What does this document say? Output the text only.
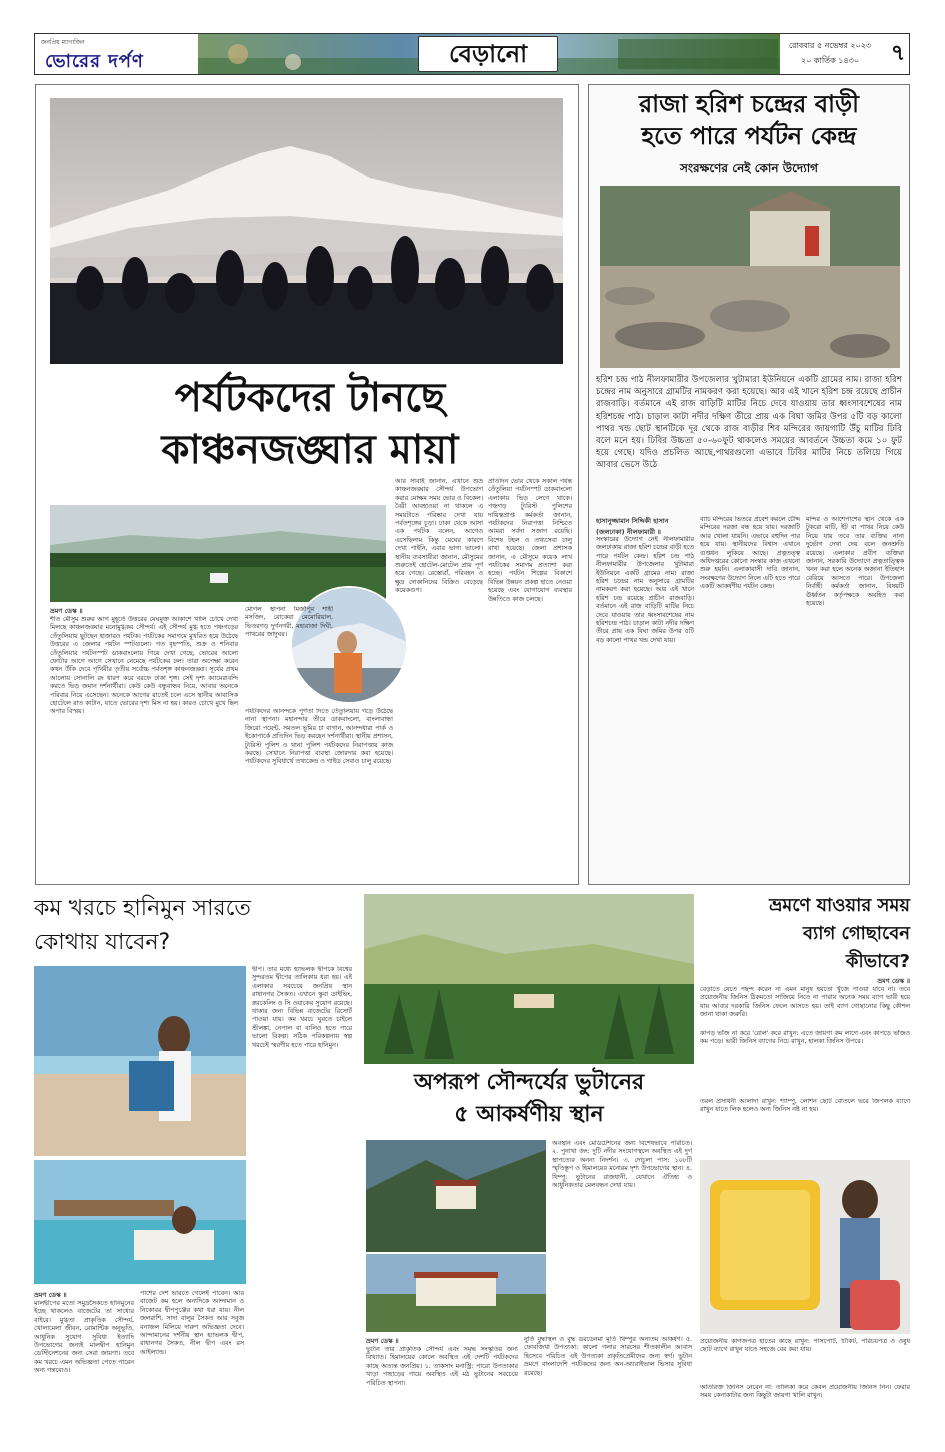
জনপ্রিয় ম্যাগাজিন
ভোরের দর্পণ	বেড়ানো	রোববার ৫ নভেম্বর ২০২৩
২০ কার্তিক ১৪৩০	৭
পর্যটকদের টানছে
কাঞ্চনজঙ্ঘার মায়া
ভ্রমণ ডেস্ক ॥
শীত মৌসুম শুরুর আগ মুহূর্তে উত্তরের মেঘমুক্ত আকাশে খালি চোখে দেখা মিলছে কাঞ্চনজঙ্ঘার মনোমুগ্ধকর সৌন্দর্য। এই সৌন্দর্য মুগ্ধ হতে পঞ্চগড়ের তেঁতুলিয়ায় ছুটছেন হাজারও পর্যটক। পর্যটকের সমাগমে মুখরিত হয়ে উঠেছে উত্তরের এ জেলার পর্যটন স্পটগুলো। গত বৃহস্পতি, শুক্র ও শনিবার তেঁতুলিয়ার পর্যটনস্পট ডাকবাংলোয় গিয়ে দেখা গেছে, ভোরের আলো ফোটার আগে আগে সেখানে নেমেছে পর্যটকের ঢল। তারা অপেক্ষা করেন কখন উঁকি দেবে পৃথিবীর তৃতীয় সর্বোচ্চ পর্বতশৃঙ্গ কাঞ্চনজঙ্ঘা। সূর্যের প্রথম আলোয় সোনালি রং ধারণ করে বরফে ঢাকা শৃঙ্গ। সেই দৃশ্য ক্যামেরাবন্দি করতে ভিড় জমান দর্শনার্থীরা। কেউ কেউ বন্ধুবান্ধব নিয়ে, আবার অনেকে পরিবার নিয়ে এসেছেন। অনেকে আগের রাতেই চলে এসে স্থানীয় আবাসিক হোটেলে রাত কাটান, যাতে ভোরের দৃশ্য মিস না হয়। কারও চোখে মুখে ছিল অপার বিস্ময়।
মোগল স্থাপনা মির্জাপুর শাহী মসজিদ, রোকেয়া মেমোরিয়াল, ভিতরগড় দুর্গনগরী, মহারাজা দিঘী, পাথরের জাদুঘর।
পর্যটকদের আনন্দকে পূর্ণতা দিতে তেঁতুলিয়ায় গড়ে উঠেছে নানা স্থাপনা। মহানন্দার তীরে ডাকবাংলো, বাংলাবান্ধা জিরো পয়েন্ট, সমতল ভূমির চা বাগান, আনন্দধারা পার্ক ও ইকোপার্কে প্রতিদিন ভিড় করছেন দর্শনার্থীরা। স্থানীয় প্রশাসন, ট্যুরিস্ট পুলিশ ও থানা পুলিশ পর্যটকদের নিরাপত্তায় কাজ করছে। সেখানে নিরাপত্তা ব্যবস্থা জোরদার করা হয়েছে। পর্যটকদের সুবিধার্থে তথ্যকেন্দ্র ও গাইড সেবাও চালু রয়েছে।
আর সাবাই জানান, এখানে শুভ্র কাঞ্চনজঙ্ঘার সৌন্দর্য উপভোগ করার মোক্ষম সময় ভোর ও বিকেল। বৈরী আবহাওয়া না থাকলে এ সময়টাতে পরিষ্কার দেখা যায় পর্বতশৃঙ্গের চূড়া। ঢাকা থেকে আসা এক পর্যটক বলেন, আগেও এসেছিলাম কিন্তু মেঘের কারণে দেখা পাইনি, এবার ভাগ্য ভালো। স্থানীয় ব্যবসায়ীরা জানান, মৌসুমের শুরুতেই হোটেল-মোটেল প্রায় পূর্ণ হয়ে গেছে। রেস্তোরাঁ, পরিবহন ও ক্ষুদ্র দোকানিদের বিক্রিও বেড়েছে কয়েকগুণ।
প্রতিদিন ভোর থেকে সকাল পর্যন্ত তেঁতুলিয়া পর্যটনস্পট ডাকবাংলো এলাকায় ভিড় লেগে থাকে। পঞ্চগড় ট্যুরিস্ট পুলিশের দায়িত্বপ্রাপ্ত কর্মকর্তা জানান, পর্যটকদের নিরাপত্তা নিশ্চিতে আমরা সর্বদা সজাগ রয়েছি। বিশেষ টহল ও তথ্যসেবা চালু রাখা হয়েছে। জেলা প্রশাসক জানান, এ মৌসুমে কয়েক লাখ পর্যটকের সমাগম প্রত্যাশা করা হচ্ছে। পর্যটন শিল্পের বিকাশে বিভিন্ন উন্নয়ন প্রকল্প হাতে নেওয়া হয়েছে এবং যোগাযোগ ব্যবস্থার উন্নতিতে কাজ চলছে।
রাজা হরিশ চন্দ্রের বাড়ী
হতে পারে পর্যটন কেন্দ্র
সংরক্ষণের নেই কোন উদ্যোগ
হরিশ চন্দ্র পাঠ নীলফামারীর উপজেলার খুটামারা ইউনিয়নে একটি গ্রামের নাম। রাজা হরিশ চন্দ্রের নাম অনুসারে গ্রামটির নামকরণ করা হয়েছে। আর এই খানে হরিশ চন্দ্র রয়েছে প্রাচীন রাজবাড়ি। বর্তমানে এই রাজ বাড়িটি মাটির নিচে দেবে যাওয়ায় তার ধ্বংসাবশেষের নাম হরিশচন্দ্র পাঠ। চাড়াল কাটা নদীর দক্ষিণ তীরে প্রায় এক বিঘা জমির উপর ৫টি বড় কালো পাথর খন্ড ছোট স্থানটিকে দূর থেকে রাজ বাড়ীর শিব মন্দিরের জায়গাটি উঁচু মাটির ঢিবি বলে মনে হয়। ঢিবির উচ্চতা ৫০-৬০ফুট থাকলেও সময়ের আবর্তনে উচ্চতা কমে ১০ ফুট হয়ে গেছে। যদিও প্রচলিত আছে,পাথরগুলো এভাবে ঢিবির মাটির নিচে তলিয়ে গিয়ে আবার ভেসে উঠে
হাসানুজ্জামান সিদ্দিকী হাসান (জলঢাকা) নীলফামারী ॥
সংস্কারের উদ্যোগ নেই নীলফামারীর জলঢাকায় রাজা হরিশ চন্দ্রের বাড়ী হতে পারে পর্যটন কেন্দ্র। হরিশ চন্দ্র পাঠ নীলফামারীর উপজেলার খুটামারা ইউনিয়নে একটি গ্রামের নাম। রাজা হরিশ চন্দ্রের নাম অনুসারে গ্রামটির নামকরণ করা হয়েছে। আর এই খানে হরিশ চন্দ্র রয়েছে প্রাচীন রাজবাড়ি। বর্তমানে এই রাজ বাড়িটি মাটির নিচে দেবে যাওয়ায় তার ধ্বংসাবশেষের নাম হরিশচন্দ্র পাঠ। চাড়াল কাটা নদীর দক্ষিণ তীরে প্রায় এক বিঘা জমির উপর ৫টি বড় কালো পাথর খন্ড দেখা যায়।
ব্যাচ মন্দিরের ভিতরে প্রবেশ করলে চৌদ্দ মন্দিরের দরজা বন্ধ হয়ে যায়। দরজাটি আর খোলা যায়নি। এভাবে বহুদিন পার হয়ে যায়। স্থানীয়দের বিশ্বাস এখানে গুপ্তধন লুকিয়ে আছে। প্রত্নতত্ত্ব অধিদপ্তরের কোনো সংস্কার কাজ এখনো শুরু হয়নি। এলাকাবাসী দাবি জানান, সংরক্ষণের উদ্যোগ নিলে এটি হতে পারে একটি আকর্ষণীয় পর্যটন কেন্দ্র।
মন্দির ও আশেপাশের স্থান থেকে এক টুকরো মাটি, ইট বা পাথর নিয়ে কেউ নিয়ে যায় তবে তার ব্যক্তির নানা দুর্ভোগ দেখা দেয় বলে জনশ্রুতি রয়েছে। এলাকার প্রবীণ ব্যক্তিরা জানান, সরকারি উদ্যোগে প্রত্নতাত্ত্বিক খনন করা হলে অনেক অজানা ইতিহাস বেরিয়ে আসতে পারে। উপজেলা নির্বাহী কর্মকর্তা জানান, বিষয়টি ঊর্ধ্বতন কর্তৃপক্ষকে অবহিত করা হয়েছে।
কম খরচে হানিমুন সারতে
কোথায় যাবেন?
ভ্রমণ ডেস্ক ॥
মালদ্বীপের মতো সমুদ্রসৈকতে হানিমুনের ইচ্ছে থাকলেও বাজেটের তা সাধ্যের বাইরে। মুগ্ধতা প্রাকৃতিক সৌন্দর্য, খোলামেলা জীবন, রোমান্টিক অনুভূতি, আধুনিক সুযোগ সুবিধা ইত্যাদি উপভোগের জন্যই মালদ্বীপ হানিমুন ডেস্টিনেশনের জন্য সেরা জায়গা। তবে কম খরচে এমন অভিজ্ঞতা পেতে পারেন অন্য গন্তব্যেও।
পাশের দেশ ভারতে গেলেই পাবেন। আর বাজেট কম হলে অন্যদিকে আন্দামান ও নিকোবর দ্বীপপুঞ্জের কথা ধরা যায়। নীল জলরাশি, সাদা বালুর সৈকত আর সবুজ বনাঞ্চল মিলিয়ে দারুণ অভিজ্ঞতা দেবে। আন্দামানের দর্শনীয় স্থান হ্যাভলক দ্বীপ, রাধানগর সৈকত, নীল দ্বীপ এবং রস আইল্যান্ড।
দ্বীপ। তার মধ্যে হ্যাভলক দ্বীপকে বিশ্বের সুন্দরতম দ্বীপের তালিকায় ধরা হয়। এই এলাকার সবচেয়ে জনপ্রিয় স্থান রাধানগর সৈকত। এখানে স্কুবা ডাইভিং, স্নরকেলিং ও সি ওয়াকের সুযোগ রয়েছে। থাকার জন্য বিভিন্ন বাজেটের রিসোর্ট পাওয়া যায়। কম খরচে ঘুরতে চাইলে শ্রীলঙ্কা, নেপাল বা বালিও হতে পারে ভালো বিকল্প। সঠিক পরিকল্পনায় স্বল্প খরচেই স্মরণীয় হতে পারে হানিমুন।
অপরূপ সৌন্দর্যের ভুটানের
৫ আকর্ষণীয় স্থান
অবস্থান এবং মেডিটেশনের জন্য বিশেষভাবে পরিচিত। ২. পুনাখা জং: দুটি নদীর সংযোগস্থলে অবস্থিত এই দুর্গ স্থাপত্যের অনন্য নিদর্শন। ৩. দোচুলা পাস: ১০৮টি স্মৃতিস্তূপ ও হিমালয়ের মনোরম দৃশ্য উপভোগের স্থান। ৪. থিম্পু: ভুটানের রাজধানী, যেখানে ঐতিহ্য ও আধুনিকতার মেলবন্ধন দেখা যায়।
ভ্রমণ ডেস্ক ॥
ভুটান তার প্রাকৃতিক সৌন্দর্য এবং সমৃদ্ধ সংস্কৃতির জন্য বিখ্যাত। হিমালয়ের কোলে অবস্থিত এই দেশটি পর্যটকদের কাছে অত্যন্ত জনপ্রিয়। ১. তাকসাং মনাস্ট্রি: পারো উপত্যকার খাড়া পাহাড়ের গায়ে অবস্থিত এই মঠ ভুটানের সবচেয়ে পরিচিত স্থাপনা।
নুর্তি বুদ্ধাস্থল ও বুদ্ধ ডরডেনমা মূর্তি থিম্পুর অন্যতম আকর্ষণ। ৫. ফোবজিখা উপত্যকা: কালো গলার সারসের শীতকালীন আবাস হিসেবে পরিচিত এই উপত্যকা প্রকৃতিপ্রেমীদের জন্য স্বর্গ। ভুটান ভ্রমণে বাংলাদেশি পর্যটকদের জন্য অন-অ্যারাইভাল ভিসার সুবিধা রয়েছে।
ভ্রমণে যাওয়ার সময়
ব্যাগ গোছাবেন
কীভাবে?
ভ্রমণ ডেস্ক ॥
বেড়াতে যেতে পছন্দ করেন না এমন মানুষ হয়তো খুঁজে পাওয়া যাবে না। তবে প্রয়োজনীয় জিনিস ঠিকমতো সাজিয়ে নিতে না পারায় অনেক সময় ব্যাগ ভারী হয়ে যায় আবার দরকারি জিনিস ফেলে আসতে হয়। তাই ব্যাগ গোছানোর কিছু কৌশল জানা থাকা জরুরি।
কাপড় ভাঁজ না করে 'রোল' করে রাখুন: এতে জায়গা কম লাগে এবং কাপড়ে ভাঁজও কম পড়ে। ভারী জিনিস ব্যাগের নিচে রাখুন, হালকা জিনিস উপরে।
তরল প্রসাধনী আলাদা রাখুন: শ্যাম্পু, লোশন ছোট বোতলে ভরে জিপলক ব্যাগে রাখুন যাতে লিক হলেও অন্য জিনিস নষ্ট না হয়।
প্রয়োজনীয় কাগজপত্র হাতের কাছে রাখুন: পাসপোর্ট, টিকিট, পরিচয়পত্র ও ওষুধ ছোট ব্যাগে রাখুন যাতে সহজে বের করা যায়।
অতিরিক্ত জিনিস নেবেন না: তালিকা করে কেবল প্রয়োজনীয় জিনিস নিন। ফেরার সময় কেনাকাটার জন্য কিছুটা জায়গা খালি রাখুন।
